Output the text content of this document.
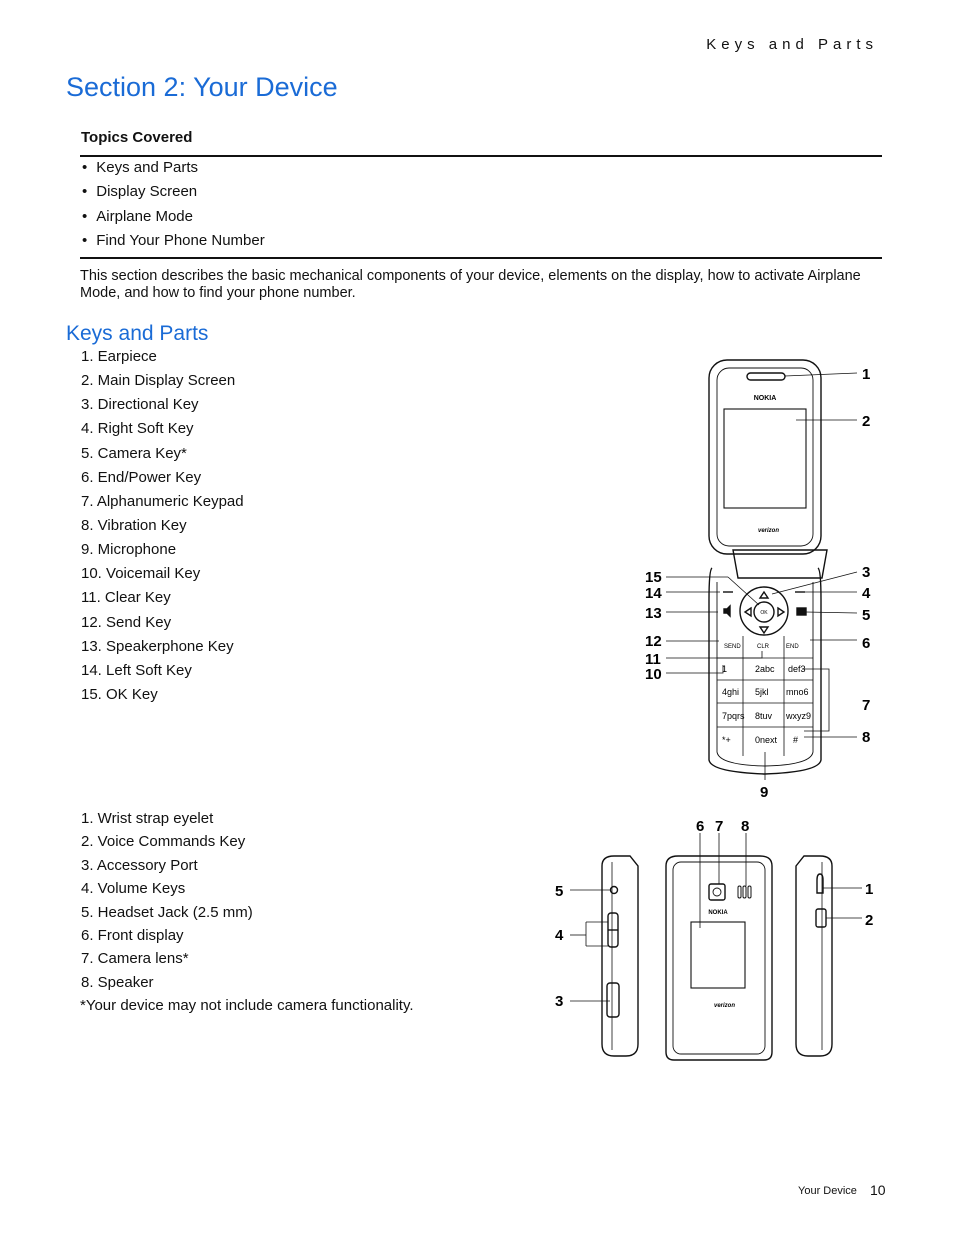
Keys and Parts
Section 2: Your Device
Topics Covered
• Keys and Parts
• Display Screen
• Airplane Mode
• Find Your Phone Number
This section describes the basic mechanical components of your device, elements on the display, how to activate Airplane Mode, and how to find your phone number.
Keys and Parts
1. Earpiece
2. Main Display Screen
3. Directional Key
4. Right Soft Key
5. Camera Key*
6. End/Power Key
7. Alphanumeric Keypad
8. Vibration Key
9. Microphone
10. Voicemail Key
11. Clear Key
12. Send Key
13. Speakerphone Key
14. Left Soft Key
15. OK Key
1. Wrist strap eyelet
2. Voice Commands Key
3. Accessory Port
4. Volume Keys
5. Headset Jack (2.5 mm)
6. Front display
7. Camera lens*
8. Speaker
*Your device may not include camera functionality.
NOKIA
verizon
OK
SEND	CLR	END
1	2abc def3
4ghi 5jkl mno6
7pqrs 8tuv wxyz9
*+	0next #
1
2
3
4
5
6
7
8
15
14
13
12
11
10
9
NOKIA
verizon
6 7 8
5
4
3
1
2
Your Device 10
